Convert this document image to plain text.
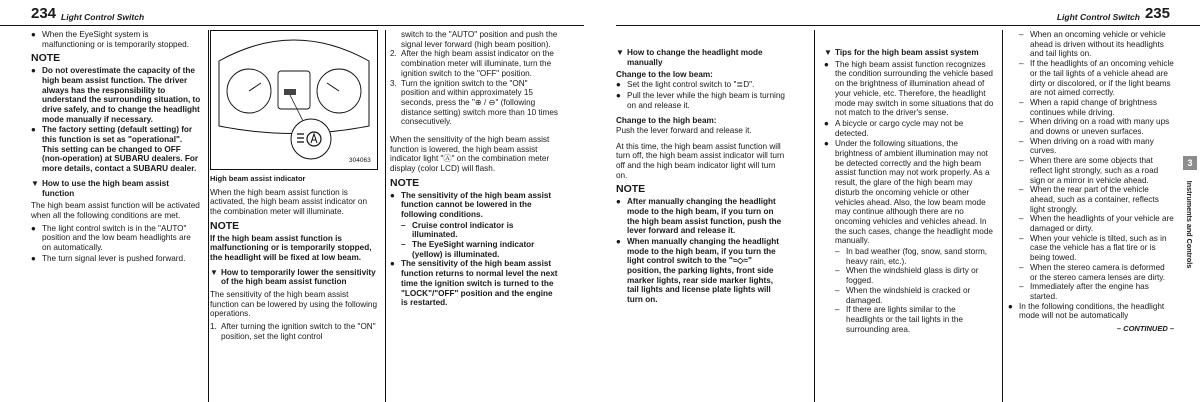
234 Light Control Switch
● When the EyeSight system is malfunctioning or is temporarily stopped.
NOTE
● Do not overestimate the capacity of the high beam assist function. The driver always has the responsibility to understand the surrounding situation, to drive safely, and to change the headlight mode manually if necessary.
● The factory setting (default setting) for this function is set as "operational". This setting can be changed to OFF (non-operation) at SUBARU dealers. For more details, contact a SUBARU dealer.
▼ How to use the high beam assist function
The high beam assist function will be activated when all the following conditions are met.
● The light control switch is in the "AUTO" position and the low beam headlights are on automatically.
● The turn signal lever is pushed forward.
304063
High beam assist indicator
When the high beam assist function is activated, the high beam assist indicator on the combination meter will illuminate.
NOTE
If the high beam assist function is malfunctioning or is temporarily stopped, the headlight will be fixed at low beam.
▼ How to temporarily lower the sensitivity of the high beam assist function
The sensitivity of the high beam assist function can be lowered by using the following operations.
1. After turning the ignition switch to the "ON" position, set the light control
switch to the "AUTO" position and push the signal lever forward (high beam position).
2. After the high beam assist indicator on the combination meter will illuminate, turn the ignition switch to the "OFF" position.
3. Turn the ignition switch to the "ON" position and within approximately 15 seconds, press the "⊕ / ⊖" (following distance setting) switch more than 10 times consecutively.
When the sensitivity of the high beam assist function is lowered, the high beam assist indicator light "Ⓐ" on the combination meter display (color LCD) will flash.
NOTE
● The sensitivity of the high beam assist function cannot be lowered in the following conditions.
– Cruise control indicator is illuminated.
– The EyeSight warning indicator (yellow) is illuminated.
● The sensitivity of the high beam assist function returns to normal level the next time the ignition switch is turned to the "LOCK"/"OFF" position and the engine is restarted.
Light Control Switch 235
▼ How to change the headlight mode manually
Change to the low beam:
● Set the light control switch to "≣D".
● Pull the lever while the high beam is turning on and release it.
Change to the high beam:
Push the lever forward and release it.
At this time, the high beam assist function will turn off, the high beam assist indicator will turn off and the high beam indicator light will turn on.
NOTE
● After manually changing the headlight mode to the high beam, if you turn on the high beam assist function, push the lever forward and release it.
● When manually changing the headlight mode to the high beam, if you turn the light control switch to the "≈◇≈" position, the parking lights, front side marker lights, rear side marker lights, tail lights and license plate lights will turn on.
▼ Tips for the high beam assist system
● The high beam assist function recognizes the condition surrounding the vehicle based on the brightness of illumination ahead of your vehicle, etc. Therefore, the headlight mode may switch in some situations that do not match to the driver's sense.
● A bicycle or cargo cycle may not be detected.
● Under the following situations, the brightness of ambient illumination may not be detected correctly and the high beam assist function may not work properly. As a result, the glare of the high beam may disturb the oncoming vehicle or other vehicles ahead. Also, the low beam mode may continue although there are no oncoming vehicles and vehicles ahead. In the such cases, change the headlight mode manually.
– In bad weather (fog, snow, sand storm, heavy rain, etc.).
– When the windshield glass is dirty or fogged.
– When the windshield is cracked or damaged.
– If there are lights similar to the headlights or the tail lights in the surrounding area.
– When an oncoming vehicle or vehicle ahead is driven without its headlights and tail lights on.
– If the headlights of an oncoming vehicle or the tail lights of a vehicle ahead are dirty or discolored, or if the light beams are not aimed correctly.
– When a rapid change of brightness continues while driving.
– When driving on a road with many ups and downs or uneven surfaces.
– When driving on a road with many curves.
– When there are some objects that reflect light strongly, such as a road sign or a mirror in vehicle ahead.
– When the rear part of the vehicle ahead, such as a container, reflects light strongly.
– When the headlights of your vehicle are damaged or dirty.
– When your vehicle is tilted, such as in case the vehicle has a flat tire or is being towed.
– When the stereo camera is deformed or the stereo camera lenses are dirty.
– Immediately after the engine has started.
● In the following conditions, the headlight mode will not be automatically
– CONTINUED –
3
Instruments and Controls
